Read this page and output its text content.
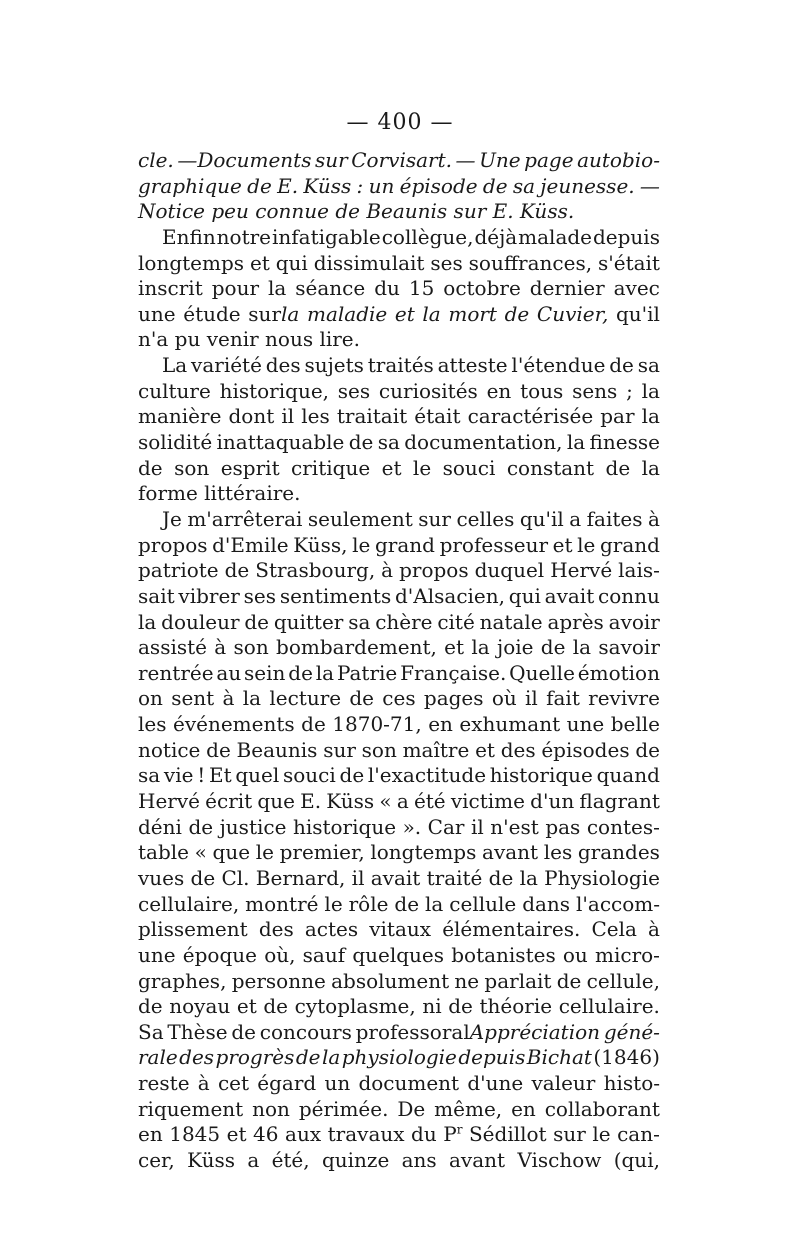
— 400 —
cle. —Documents sur Corvisart. — Une page autobio-
graphique de E. Küss : un épisode de sa jeunesse. —
Notice peu connue de Beaunis sur E. Küss.
Enfin notre infatigable collègue, déjà malade depuis
longtemps et qui dissimulait ses souffrances, s'était
inscrit pour la séance du 15 octobre dernier avec
une étude surla maladie et la mort de Cuvier, qu'il
n'a pu venir nous lire.
La variété des sujets traités atteste l'étendue de sa
culture historique, ses curiosités en tous sens ; la
manière dont il les traitait était caractérisée par la
solidité inattaquable de sa documentation, la finesse
de son esprit critique et le souci constant de la
forme littéraire.
Je m'arrêterai seulement sur celles qu'il a faites à
propos d'Emile Küss, le grand professeur et le grand
patriote de Strasbourg, à propos duquel Hervé lais-
sait vibrer ses sentiments d'Alsacien, qui avait connu
la douleur de quitter sa chère cité natale après avoir
assisté à son bombardement, et la joie de la savoir
rentrée au sein de la Patrie Française. Quelle émotion
on sent à la lecture de ces pages où il fait revivre
les événements de 1870-71, en exhumant une belle
notice de Beaunis sur son maître et des épisodes de
sa vie ! Et quel souci de l'exactitude historique quand
Hervé écrit que E. Küss « a été victime d'un flagrant
déni de justice historique ». Car il n'est pas contes-
table « que le premier, longtemps avant les grandes
vues de Cl. Bernard, il avait traité de la Physiologie
cellulaire, montré le rôle de la cellule dans l'accom-
plissement des actes vitaux élémentaires. Cela à
une époque où, sauf quelques botanistes ou micro-
graphes, personne absolument ne parlait de cellule,
de noyau et de cytoplasme, ni de théorie cellulaire.
Sa Thèse de concours professoralAppréciation géné-
rale des progrès de la physiologie depuis Bichat (1846)
reste à cet égard un document d'une valeur histo-
riquement non périmée. De même, en collaborant
en 1845 et 46 aux travaux du $P^r$ Sédillot sur le can-
cer, Küss a été, quinze ans avant Vischow (qui,
